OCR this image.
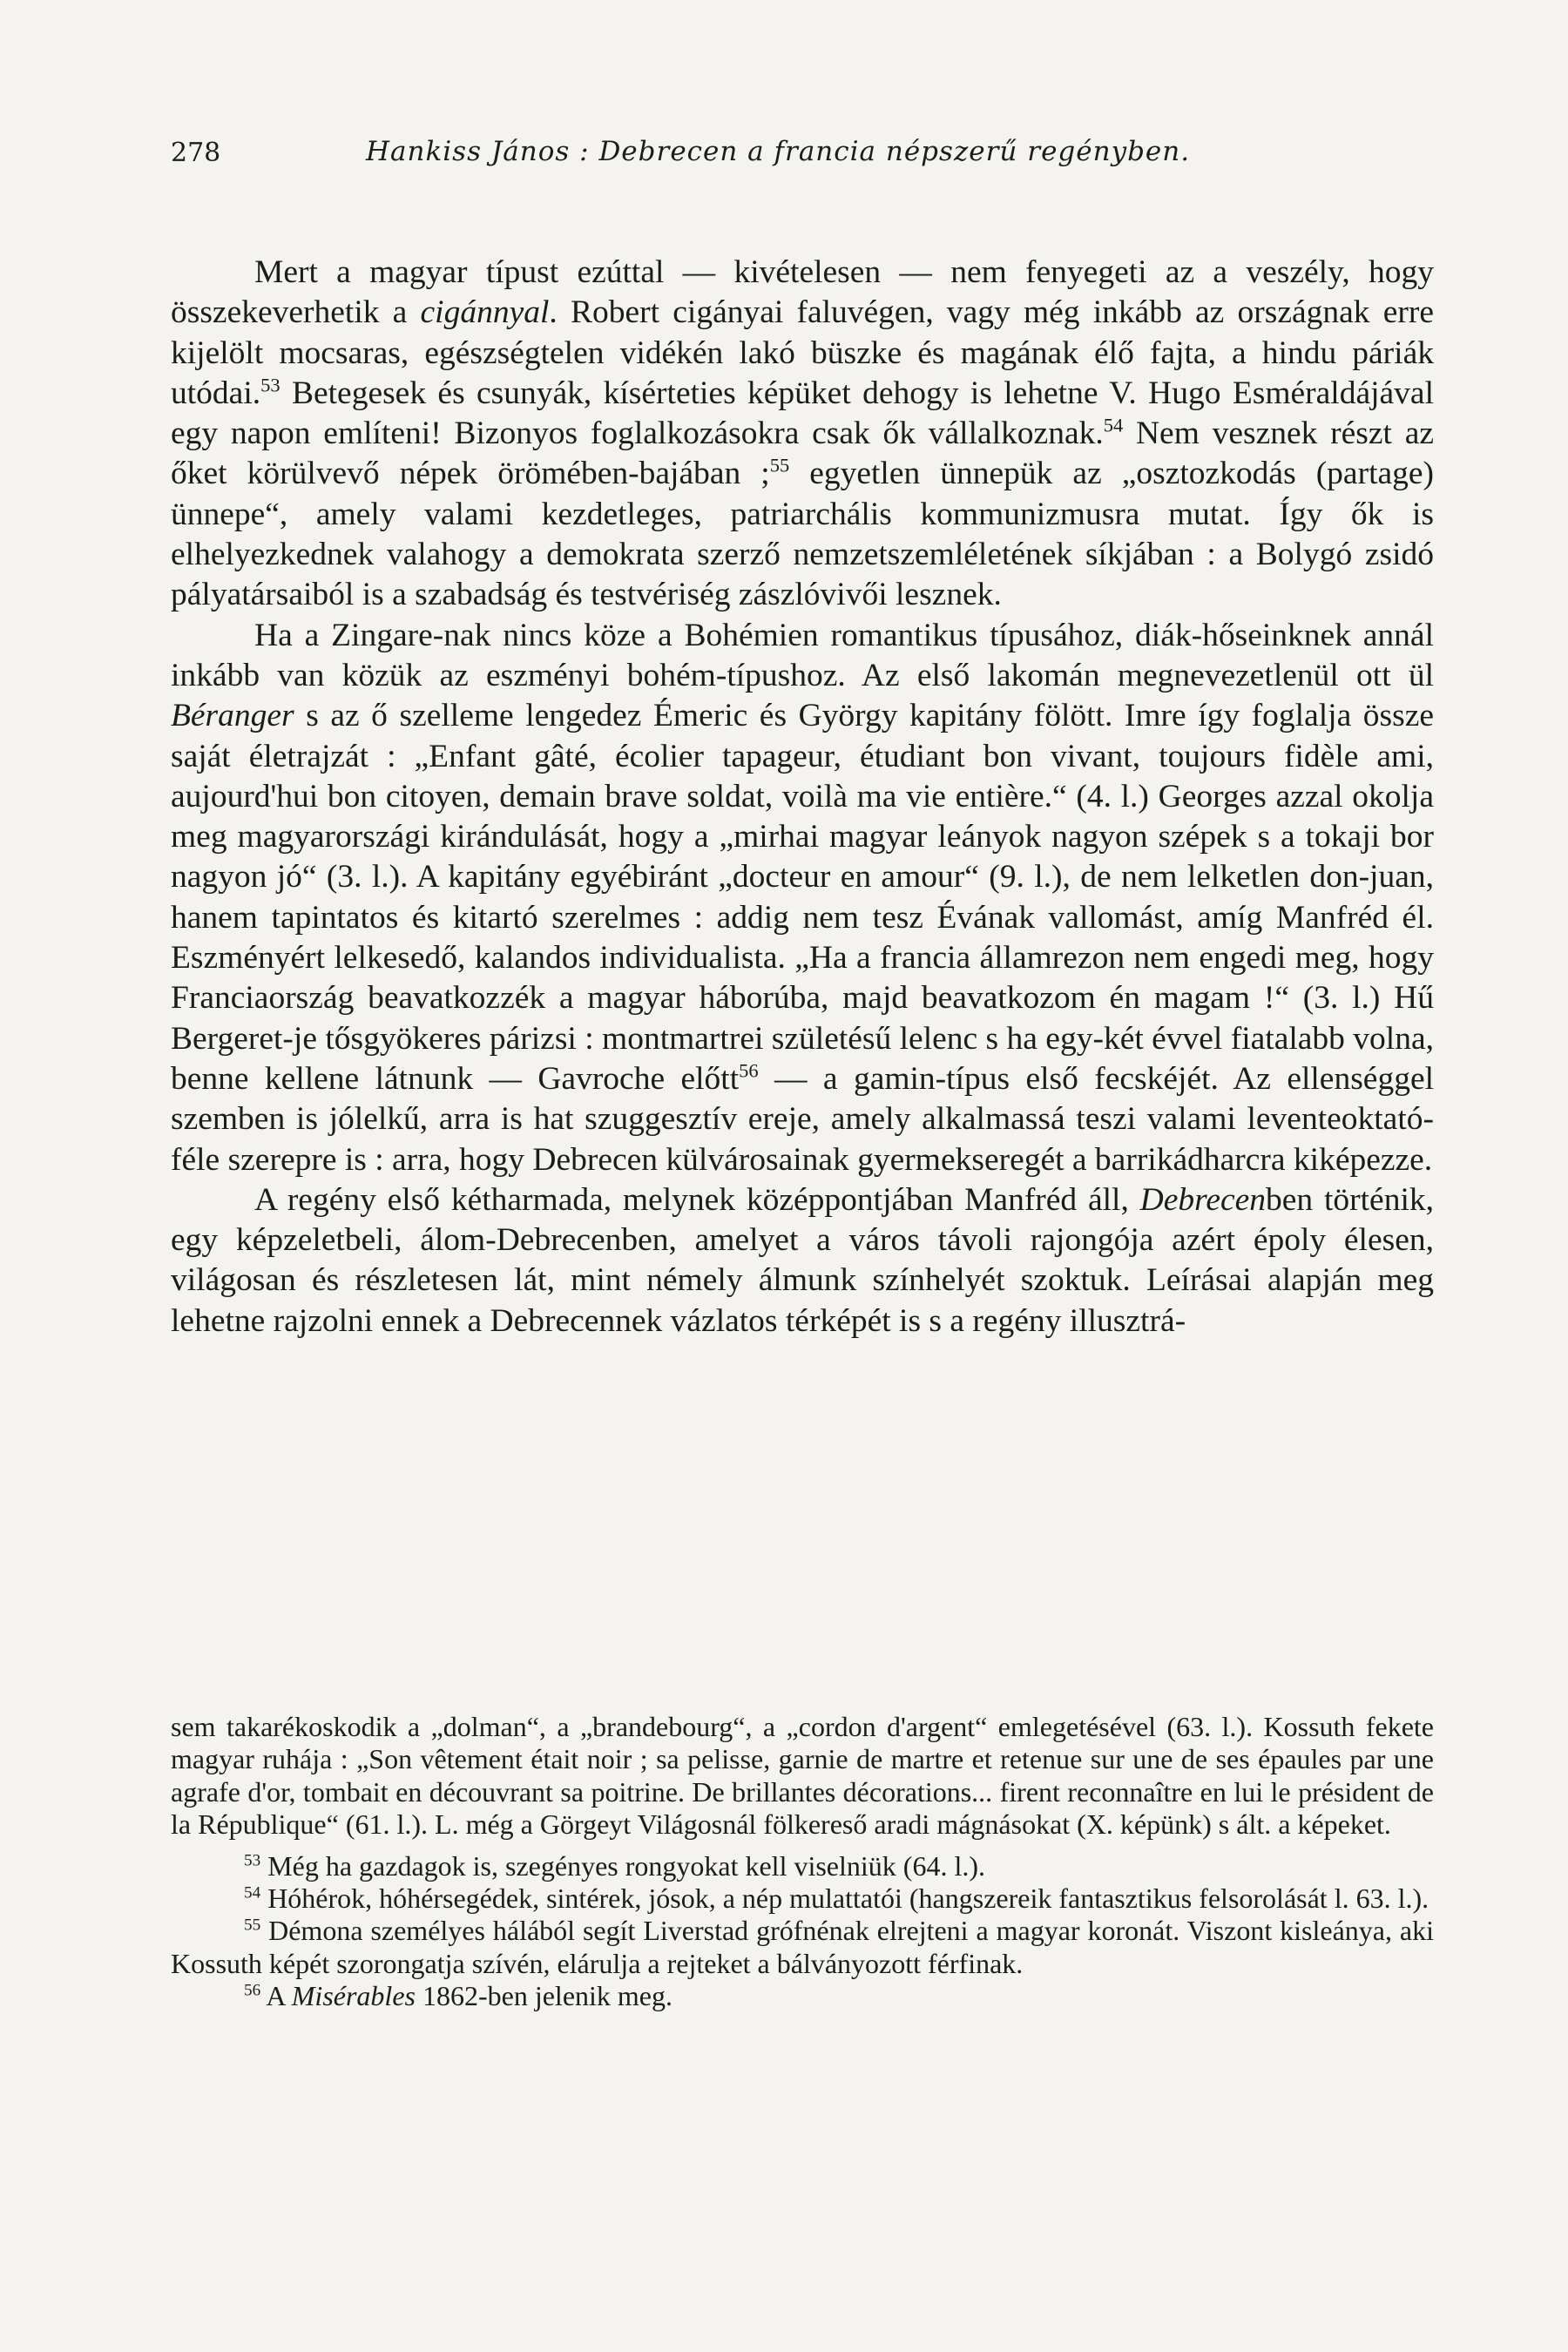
278	Hankiss János : Debrecen a francia népszerű regényben.

Mert a magyar típust ezúttal — kivételesen — nem fenyegeti az a veszély, hogy összekeverhetik a cigánnyal. Robert cigányai faluvégen, vagy még inkább az országnak erre kijelölt mocsaras, egészségtelen vidékén lakó büszke és magának élő fajta, a hindu páriák utódai.$^{53}$ Betegesek és csunyák, kísérteties képüket dehogy is lehetne V. Hugo Esméraldájával egy napon említeni! Bizonyos foglalkozásokra csak ők vállalkoznak.$^{54}$ Nem vesznek részt az őket körülvevő népek örömében-bajában ;$^{55}$ egyetlen ünnepük az „osztozkodás (partage) ünnepe“, amely valami kezdetleges, patriarchális kommunizmusra mutat. Így ők is elhelyezkednek valahogy a demokrata szerző nemzetszemléletének síkjában : a Bolygó zsidó pályatársaiból is a szabadság és testvériség zászlóvivői lesznek.

Ha a Zingare-nak nincs köze a Bohémien romantikus típusához, diák-hőseinknek annál inkább van közük az eszményi bohém-típushoz. Az első lakomán megnevezetlenül ott ül Béranger s az ő szelleme lengedez Émeric és György kapitány fölött. Imre így foglalja össze saját életrajzát : „Enfant gâté, écolier tapageur, étudiant bon vivant, toujours fidèle ami, aujourd'hui bon citoyen, demain brave soldat, voilà ma vie entière.“ (4. l.) Georges azzal okolja meg magyarországi kirándulását, hogy a „mirhai magyar leányok nagyon szépek s a tokaji bor nagyon jó“ (3. l.). A kapitány egyébiránt „docteur en amour“ (9. l.), de nem lelketlen don-juan, hanem tapintatos és kitartó szerelmes : addig nem tesz Évának vallomást, amíg Manfréd él. Eszményért lelkesedő, kalandos individualista. „Ha a francia államrezon nem engedi meg, hogy Franciaország beavatkozzék a magyar háborúba, majd beavatkozom én magam !“ (3. l.) Hű Bergeret-je tősgyökeres párizsi : montmartrei születésű lelenc s ha egy-két évvel fiatalabb volna, benne kellene látnunk — Gavroche előtt$^{56}$ — a gamin-típus első fecskéjét. Az ellenséggel szemben is jólelkű, arra is hat szuggesztív ereje, amely alkalmassá teszi valami leventeoktató-féle szerepre is : arra, hogy Debrecen külvárosainak gyermekseregét a barrikádharcra kiképezze.

A regény első kétharmada, melynek középpontjában Manfréd áll, Debrecenben történik, egy képzeletbeli, álom-Debrecenben, amelyet a város távoli rajongója azért époly élesen, világosan és részletesen lát, mint némely álmunk színhelyét szoktuk. Leírásai alapján meg lehetne rajzolni ennek a Debrecennek vázlatos térképét is s a regény illusztrá-

sem takarékoskodik a „dolman“, a „brandebourg“, a „cordon d'argent“ emlegetésével (63. l.). Kossuth fekete magyar ruhája : „Son vêtement était noir ; sa pelisse, garnie de martre et retenue sur une de ses épaules par une agrafe d'or, tombait en découvrant sa poitrine. De brillantes décorations... firent reconnaître en lui le président de la République“ (61. l.). L. még a Görgeyt Világosnál fölkereső aradi mágnásokat (X. képünk) s ált. a képeket.

$^{53}$ Még ha gazdagok is, szegényes rongyokat kell viselniük (64. l.).

$^{54}$ Hóhérok, hóhérsegédek, sintérek, jósok, a nép mulattatói (hangszereik fantasztikus felsorolását l. 63. l.).

$^{55}$ Démona személyes hálából segít Liverstad grófnénak elrejteni a magyar koronát. Viszont kisleánya, aki Kossuth képét szorongatja szívén, elárulja a rejteket a bálványozott férfinak.

$^{56}$ A Misérables 1862-ben jelenik meg.
